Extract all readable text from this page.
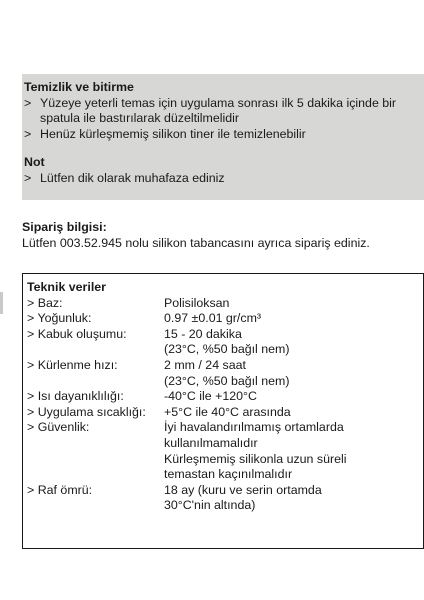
Temizlik ve bitirme
> Yüzeye yeterli temas için uygulama sonrası ilk 5 dakika içinde bir spatula ile bastırılarak düzeltilmelidir
> Henüz kürleşmemiş silikon tiner ile temizlenebilir
Not
> Lütfen dik olarak muhafaza ediniz
Sipariş bilgisi:
Lütfen 003.52.945 nolu silikon tabancasını ayrıca sipariş ediniz.
Teknik veriler
> Baz:	Polisiloksan
> Yoğunluk:	0.97 ±0.01 gr/cm³
> Kabuk oluşumu:	15 - 20 dakika
(23°C, %50 bağıl nem)
> Kürlenme hızı:	2 mm / 24 saat
(23°C, %50 bağıl nem)
> Isı dayanıklılığı:	-40°C ile +120°C
> Uygulama sıcaklığı:	+5°C ile 40°C arasında
> Güvenlik:	İyi havalandırılmamış ortamlarda
kullanılmamalıdır
Kürleşmemiş silikonla uzun süreli
temastan kaçınılmalıdır
> Raf ömrü:	18 ay (kuru ve serin ortamda
30°C'nin altında)
